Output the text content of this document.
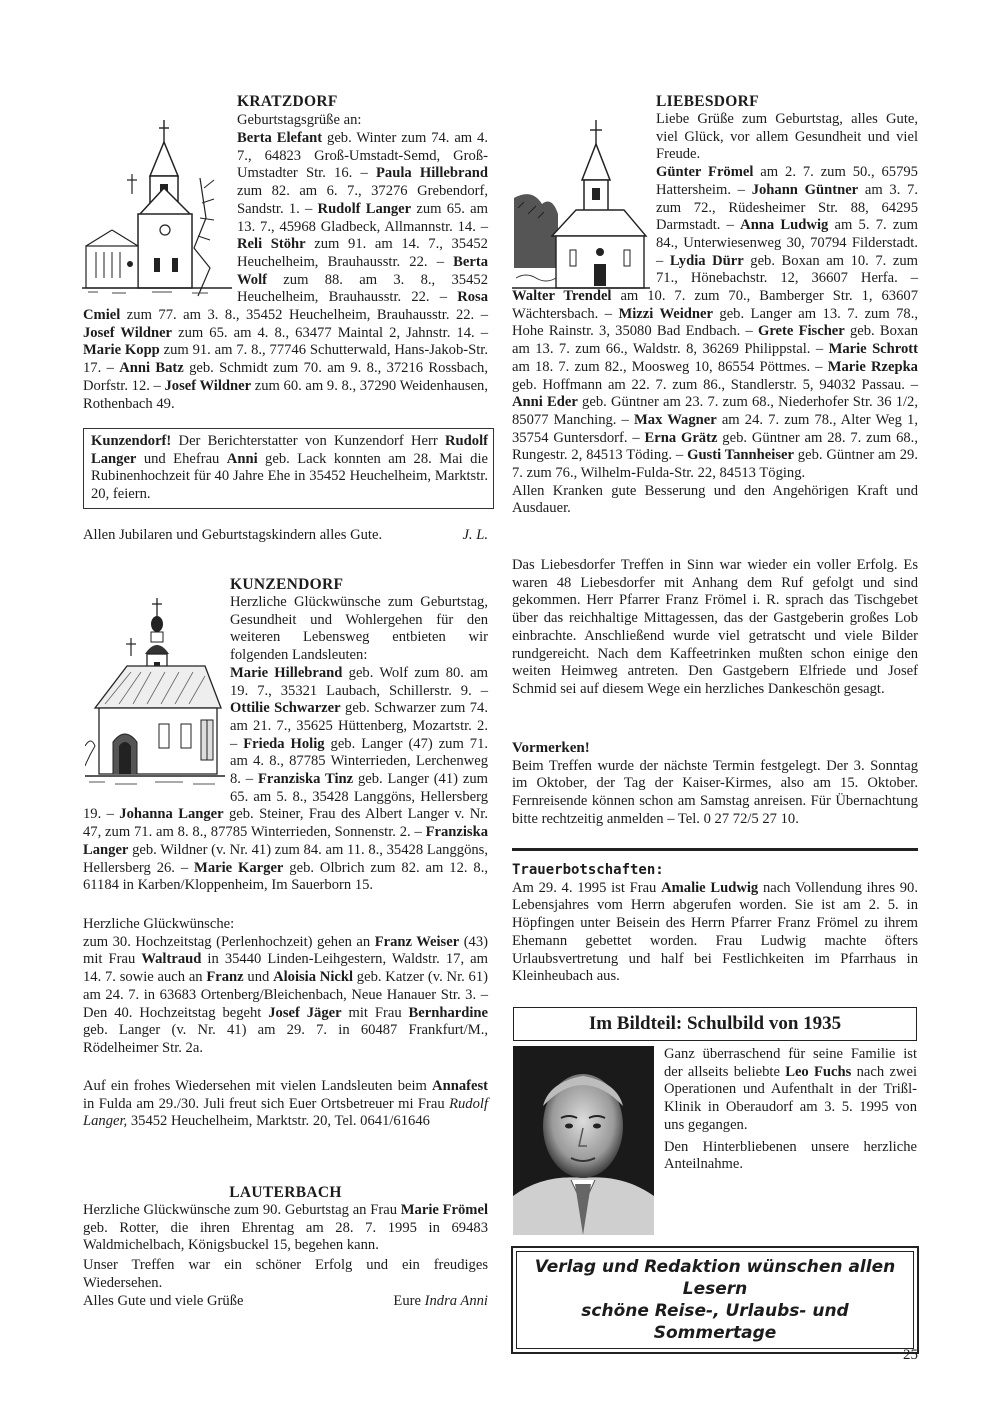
KRATZDORF

Geburtstagsgrüße an:

Berta Elefant geb. Winter zum 74. am 4. 7., 64823 Groß-Umstadt-Semd, Groß-Umstadter Str. 16. – Paula Hillebrand zum 82. am 6. 7., 37276 Grebendorf, Sandstr. 1. – Rudolf Langer zum 65. am 13. 7., 45968 Gladbeck, Allmannstr. 14. – Reli Stöhr zum 91. am 14. 7., 35452 Heuchelheim, Brauhausstr. 22. – Berta Wolf zum 88. am 3. 8., 35452 Heuchelheim, Brauhausstr. 22. – Rosa Cmiel zum 77. am 3. 8., 35452 Heuchelheim, Brauhausstr. 22. – Josef Wildner zum 65. am 4. 8., 63477 Maintal 2, Jahnstr. 14. – Marie Kopp zum 91. am 7. 8., 77746 Schutterwald, Hans-Jakob-Str. 17. – Anni Batz geb. Schmidt zum 70. am 9. 8., 37216 Rossbach, Dorfstr. 12. – Josef Wildner zum 60. am 9. 8., 37290 Weidenhausen, Rothenbach 49.

Kunzendorf! Der Berichterstatter von Kunzendorf Herr Rudolf Langer und Ehefrau Anni geb. Lack konnten am 28. Mai die Rubinenhochzeit für 40 Jahre Ehe in 35452 Heuchelheim, Marktstr. 20, feiern.

Allen Jubilaren und Geburtstagskindern alles Gute.	J. L.
KUNZENDORF

Herzliche Glückwünsche zum Geburtstag, Gesundheit und Wohlergehen für den weiteren Lebensweg entbieten wir folgenden Landsleuten:

Marie Hillebrand geb. Wolf zum 80. am 19. 7., 35321 Laubach, Schillerstr. 9. – Ottilie Schwarzer geb. Schwarzer zum 74. am 21. 7., 35625 Hüttenberg, Mozartstr. 2. – Frieda Holig geb. Langer (47) zum 71. am 4. 8., 87785 Winterrieden, Lerchenweg 8. – Franziska Tinz geb. Langer (41) zum 65. am 5. 8., 35428 Langgöns, Hellersberg 19. – Johanna Langer geb. Steiner, Frau des Albert Langer v. Nr. 47, zum 71. am 8. 8., 87785 Winterrieden, Sonnenstr. 2. – Franziska Langer geb. Wildner (v. Nr. 41) zum 84. am 11. 8., 35428 Langgöns, Hellersberg 26. – Marie Karger geb. Olbrich zum 82. am 12. 8., 61184 in Karben/Kloppenheim, Im Sauerborn 15.

Herzliche Glückwünsche:

zum 30. Hochzeitstag (Perlenhochzeit) gehen an Franz Weiser (43) mit Frau Waltraud in 35440 Linden-Leihgestern, Waldstr. 17, am 14. 7. sowie auch an Franz und Aloisia Nickl geb. Katzer (v. Nr. 61) am 24. 7. in 63683 Ortenberg/Bleichenbach, Neue Hanauer Str. 3. – Den 40. Hochzeitstag begeht Josef Jäger mit Frau Bernhardine geb. Langer (v. Nr. 41) am 29. 7. in 60487 Frankfurt/M., Rödelheimer Str. 2a.

Auf ein frohes Wiedersehen mit vielen Landsleuten beim Annafest in Fulda am 29./30. Juli freut sich Euer Ortsbetreuer mi Frau Rudolf Langer, 35452 Heuchelheim, Marktstr. 20, Tel. 0641/61646

LAUTERBACH

Herzliche Glückwünsche zum 90. Geburtstag an Frau Marie Frömel geb. Rotter, die ihren Ehrentag am 28. 7. 1995 in 69483 Waldmichelbach, Königsbuckel 15, begehen kann.

Unser Treffen war ein schöner Erfolg und ein freudiges Wiedersehen.

Alles Gute und viele Grüße	Eure Indra Anni
LIEBESDORF

Liebe Grüße zum Geburtstag, alles Gute, viel Glück, vor allem Gesundheit und viel Freude.

Günter Frömel am 2. 7. zum 50., 65795 Hattersheim. – Johann Güntner am 3. 7. zum 72., Rüdesheimer Str. 88, 64295 Darmstadt. – Anna Ludwig am 5. 7. zum 84., Unterwiesenweg 30, 70794 Filderstadt. – Lydia Dürr geb. Boxan am 10. 7. zum 71., Hönebachstr. 12, 36607 Herfa. – Walter Trendel am 10. 7. zum 70., Bamberger Str. 1, 63607 Wächtersbach. – Mizzi Weidner geb. Langer am 13. 7. zum 78., Hohe Rainstr. 3, 35080 Bad Endbach. – Grete Fischer geb. Boxan am 13. 7. zum 66., Waldstr. 8, 36269 Philippstal. – Marie Schrott am 18. 7. zum 82., Moosweg 10, 86554 Pöttmes. – Marie Rzepka geb. Hoffmann am 22. 7. zum 86., Standlerstr. 5, 94032 Passau. – Anni Eder geb. Güntner am 23. 7. zum 68., Niederhofer Str. 36 1/2, 85077 Manching. – Max Wagner am 24. 7. zum 78., Alter Weg 1, 35754 Guntersdorf. – Erna Grätz geb. Güntner am 28. 7. zum 68., Rungestr. 2, 84513 Töding. – Gusti Tannheiser geb. Güntner am 29. 7. zum 76., Wilhelm-Fulda-Str. 22, 84513 Töging.

Allen Kranken gute Besserung und den Angehörigen Kraft und Ausdauer.

Das Liebesdorfer Treffen in Sinn war wieder ein voller Erfolg. Es waren 48 Liebesdorfer mit Anhang dem Ruf gefolgt und sind gekommen. Herr Pfarrer Franz Frömel i. R. sprach das Tischgebet über das reichhaltige Mittagessen, das der Gastgeberin großes Lob einbrachte. Anschließend wurde viel getratscht und viele Bilder rundgereicht. Nach dem Kaffeetrinken mußten schon einige den weiten Heimweg antreten. Den Gastgebern Elfriede und Josef Schmid sei auf diesem Wege ein herzliches Dankeschön gesagt.

Vormerken!

Beim Treffen wurde der nächste Termin festgelegt. Der 3. Sonntag im Oktober, der Tag der Kaiser-Kirmes, also am 15. Oktober. Fernreisende können schon am Samstag anreisen. Für Übernachtung bitte rechtzeitig anmelden – Tel. 0 27 72/5 27 10.

Trauerbotschaften:

Am 29. 4. 1995 ist Frau Amalie Ludwig nach Vollendung ihres 90. Lebensjahres vom Herrn abgerufen worden. Sie ist am 2. 5. in Höpfingen unter Beisein des Herrn Pfarrer Franz Frömel zu ihrem Ehemann gebettet worden. Frau Ludwig machte öfters Urlaubsvertretung und half bei Festlichkeiten im Pfarrhaus in Kleinheubach aus.

Im Bildteil: Schulbild von 1935

Ganz überraschend für seine Familie ist der allseits beliebte Leo Fuchs nach zwei Operationen und Aufenthalt in der Trißl-Klinik in Oberaudorf am 3. 5. 1995 von uns gegangen.

Den Hinterbliebenen unsere herzliche Anteilnahme.

Verlag und Redaktion wünschen allen Lesern
schöne Reise-, Urlaubs- und Sommertage
25
